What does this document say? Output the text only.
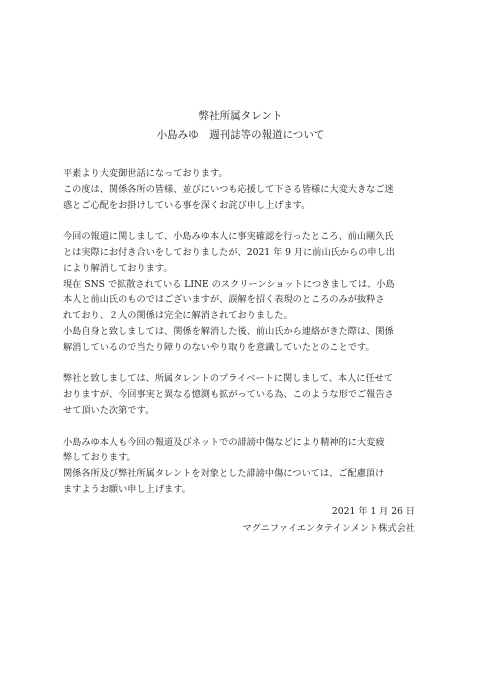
弊社所属タレント
小島みゆ　週刊誌等の報道について
平素より大変御世話になっております。
この度は、関係各所の皆様、並びにいつも応援して下さる皆様に大変大きなご迷
惑とご心配をお掛けしている事を深くお詫び申し上げます。
今回の報道に関しまして、小島みゆ本人に事実確認を行ったところ、前山剛久氏
とは実際にお付き合いをしておりましたが、2021 年 9 月に前山氏からの申し出
により解消しております。
現在 SNS で拡散されている LINE のスクリーンショットにつきましては、小島
本人と前山氏のものではございますが、誤解を招く表現のところのみが抜粋さ
れており、２人の関係は完全に解消されておりました。
小島自身と致しましては、関係を解消した後、前山氏から連絡がきた際は、関係
解消しているので当たり障りのないやり取りを意識していたとのことです。
弊社と致しましては、所属タレントのプライベートに関しまして、本人に任せて
おりますが、今回事実と異なる憶測も拡がっている為、このような形でご報告さ
せて頂いた次第です。
小島みゆ本人も今回の報道及びネットでの誹謗中傷などにより精神的に大変疲
弊しております。
関係各所及び弊社所属タレントを対象とした誹謗中傷については、ご配慮頂け
ますようお願い申し上げます。
2021 年 1 月 26 日
マグニファイエンタテインメント株式会社
